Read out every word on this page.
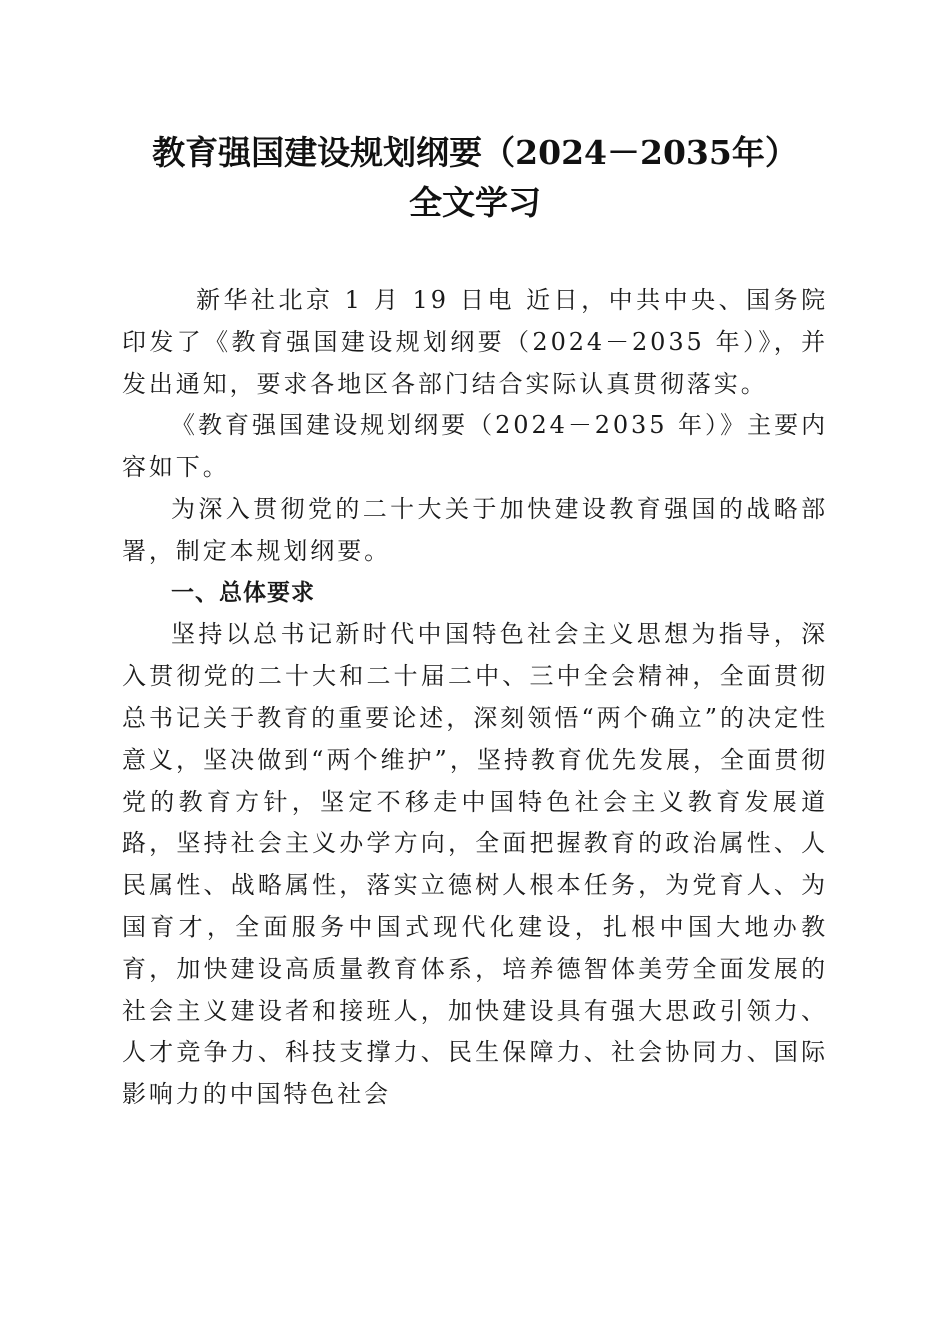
教育强国建设规划纲要（2024－2035年）
全文学习

新华社北京 1 月 19 日电 近日，中共中央、国务院印发了《教育强国建设规划纲要（2024－2035 年）》，并发出通知，要求各地区各部门结合实际认真贯彻落实。

《教育强国建设规划纲要（2024－2035 年）》主要内容如下。

为深入贯彻党的二十大关于加快建设教育强国的战略部署，制定本规划纲要。

一、总体要求

坚持以总书记新时代中国特色社会主义思想为指导，深入贯彻党的二十大和二十届二中、三中全会精神，全面贯彻总书记关于教育的重要论述，深刻领悟“两个确立”的决定性意义，坚决做到“两个维护”，坚持教育优先发展，全面贯彻党的教育方针，坚定不移走中国特色社会主义教育发展道路，坚持社会主义办学方向，全面把握教育的政治属性、人民属性、战略属性，落实立德树人根本任务，为党育人、为国育才，全面服务中国式现代化建设，扎根中国大地办教育，加快建设高质量教育体系，培养德智体美劳全面发展的社会主义建设者和接班人，加快建设具有强大思政引领力、人才竞争力、科技支撑力、民生保障力、社会协同力、国际影响力的中国特色社会
